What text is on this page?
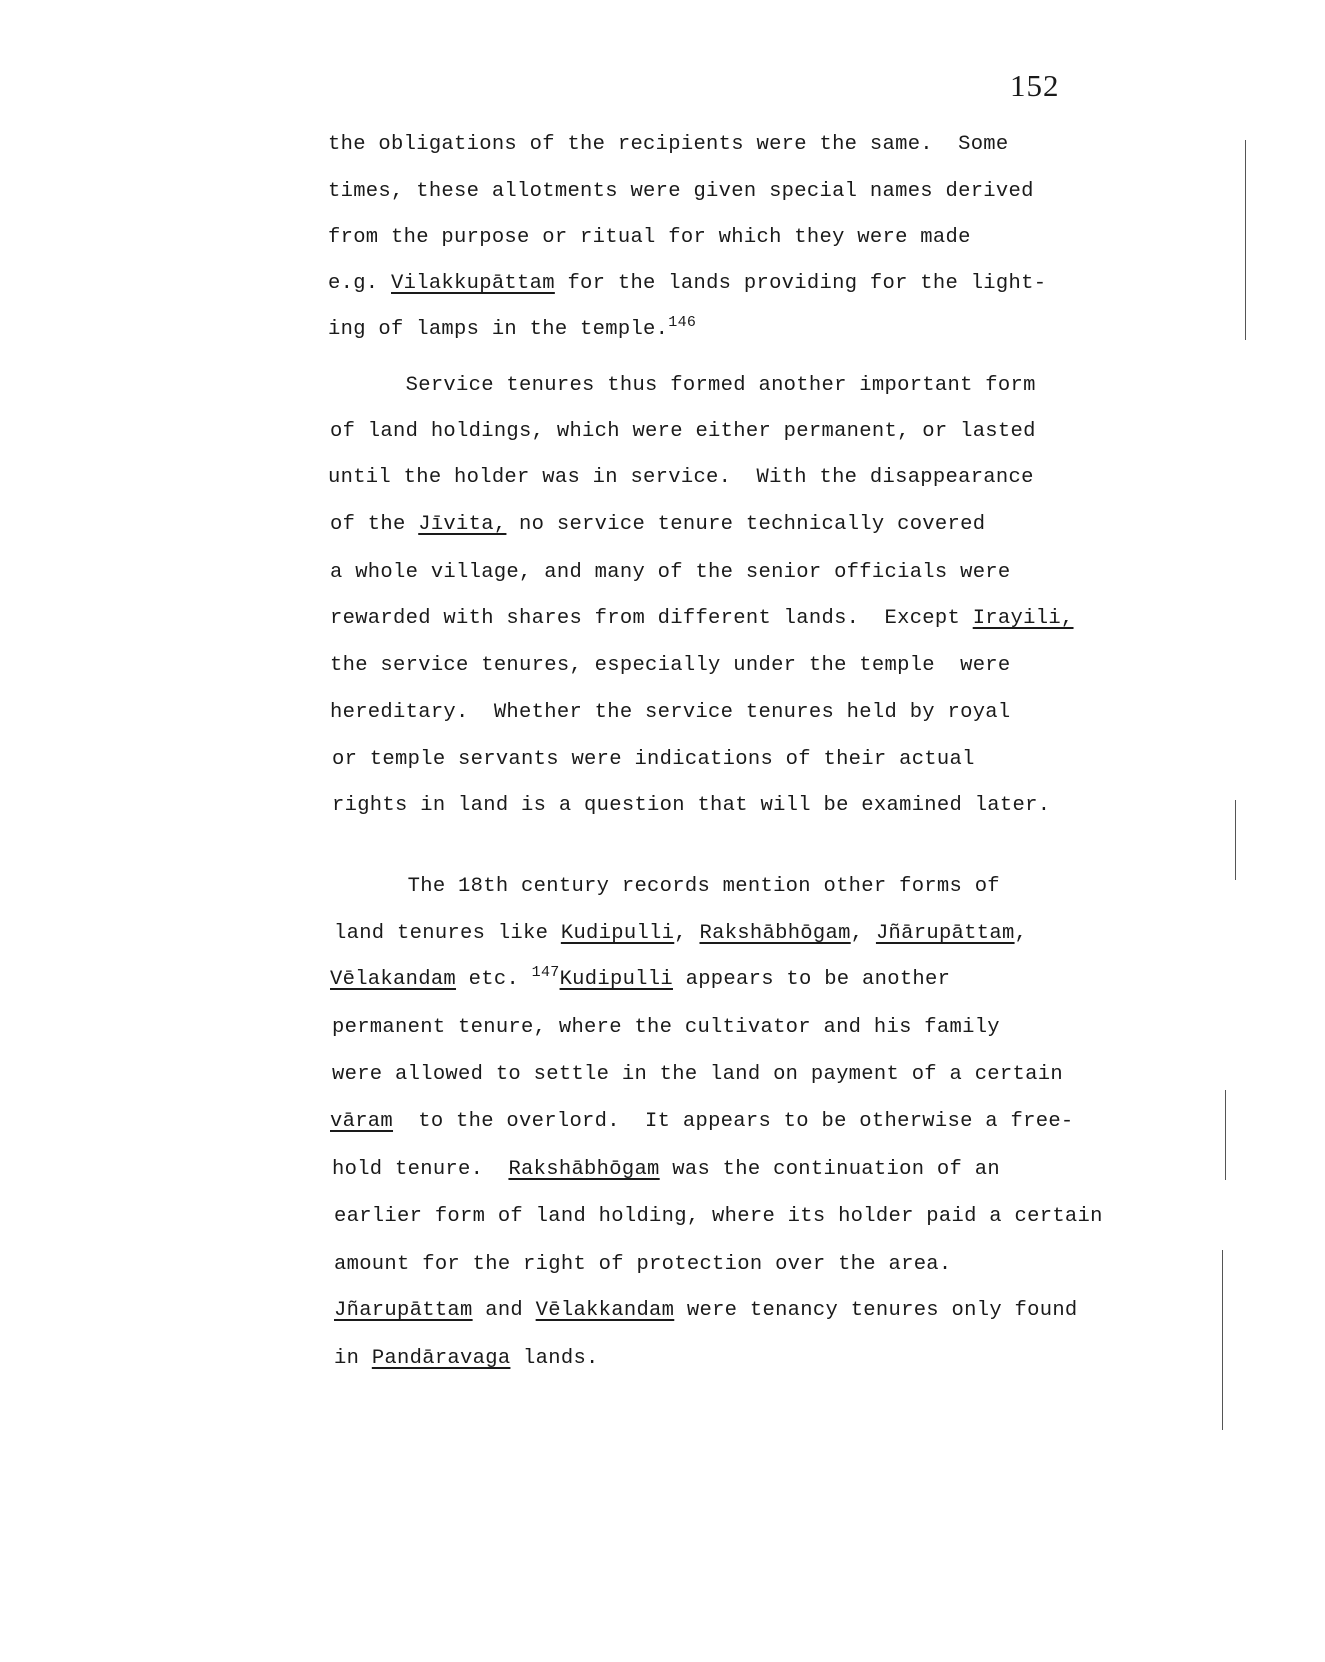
152
the obligations of the recipients were the same.  Some
times, these allotments were given special names derived
from the purpose or ritual for which they were made
e.g. Vilakkupāttam for the lands providing for the light-
ing of lamps in the temple.$^{146}$
Service tenures thus formed another important form
of land holdings, which were either permanent, or lasted
until the holder was in service.  With the disappearance
of the Jīvita, no service tenure technically covered
a whole village, and many of the senior officials were
rewarded with shares from different lands.  Except Irayili,
the service tenures, especially under the temple  were
hereditary.  Whether the service tenures held by royal
or temple servants were indications of their actual
rights in land is a question that will be examined later.
The 18th century records mention other forms of
land tenures like Kudipulli, Rakshābhōgam, Jñārupāttam,
Vēlakandam etc. $^{147}$Kudipulli appears to be another
permanent tenure, where the cultivator and his family
were allowed to settle in the land on payment of a certain
vāram  to the overlord.  It appears to be otherwise a free-
hold tenure.  Rakshābhōgam was the continuation of an
earlier form of land holding, where its holder paid a certain
amount for the right of protection over the area.
Jñarupāttam and Vēlakkandam were tenancy tenures only found
in Pandāravaga lands.
